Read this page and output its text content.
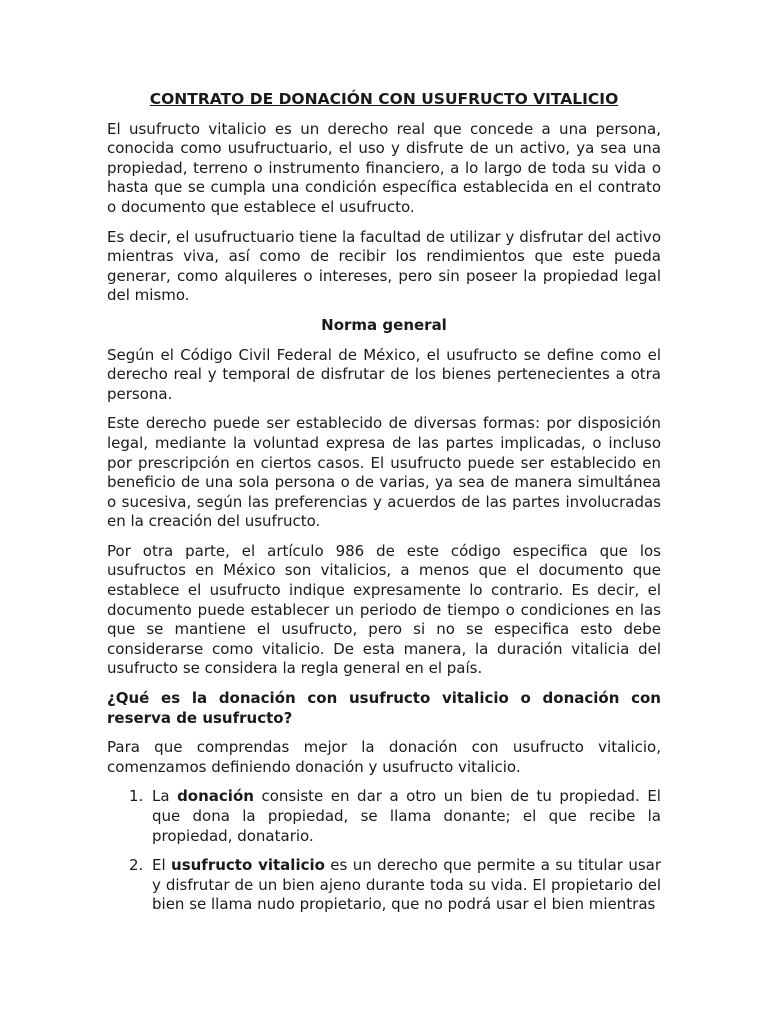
CONTRATO DE DONACIÓN CON USUFRUCTO VITALICIO

El usufructo vitalicio es un derecho real que concede a una persona, conocida como usufructuario, el uso y disfrute de un activo, ya sea una propiedad, terreno o instrumento financiero, a lo largo de toda su vida o hasta que se cumpla una condición específica establecida en el contrato o documento que establece el usufructo.

Es decir, el usufructuario tiene la facultad de utilizar y disfrutar del activo mientras viva, así como de recibir los rendimientos que este pueda generar, como alquileres o intereses, pero sin poseer la propiedad legal del mismo.

Norma general

Según el Código Civil Federal de México, el usufructo se define como el derecho real y temporal de disfrutar de los bienes pertenecientes a otra persona.

Este derecho puede ser establecido de diversas formas: por disposición legal, mediante la voluntad expresa de las partes implicadas, o incluso por prescripción en ciertos casos. El usufructo puede ser establecido en beneficio de una sola persona o de varias, ya sea de manera simultánea o sucesiva, según las preferencias y acuerdos de las partes involucradas en la creación del usufructo.

Por otra parte, el artículo 986 de este código especifica que los usufructos en México son vitalicios, a menos que el documento que establece el usufructo indique expresamente lo contrario. Es decir, el documento puede establecer un periodo de tiempo o condiciones en las que se mantiene el usufructo, pero si no se especifica esto debe considerarse como vitalicio. De esta manera, la duración vitalicia del usufructo se considera la regla general en el país.

¿Qué es la donación con usufructo vitalicio o donación con reserva de usufructo?

Para que comprendas mejor la donación con usufructo vitalicio, comenzamos definiendo donación y usufructo vitalicio.

1. La donación consiste en dar a otro un bien de tu propiedad. El que dona la propiedad, se llama donante; el que recibe la propiedad, donatario.
2. El usufructo vitalicio es un derecho que permite a su titular usar y disfrutar de un bien ajeno durante toda su vida. El propietario del bien se llama nudo propietario, que no podrá usar el bien mientras
